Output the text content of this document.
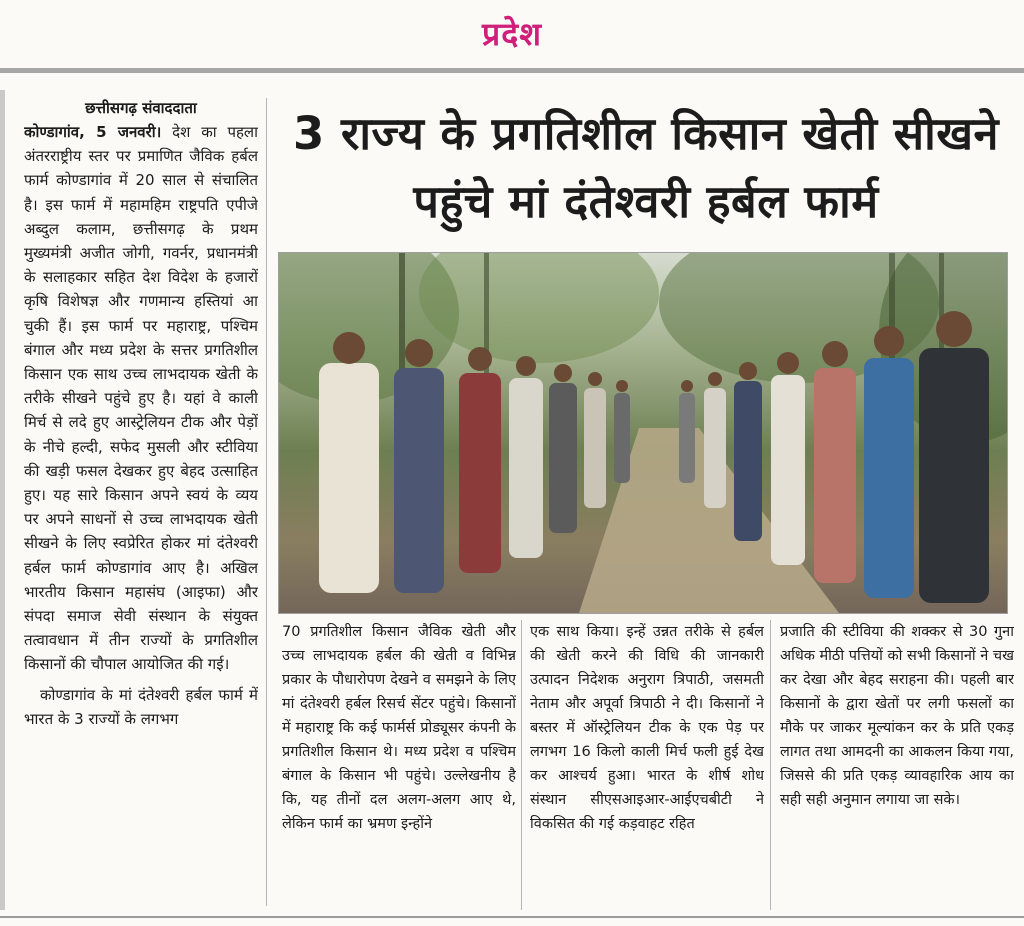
प्रदेश
छत्तीसगढ़ संवाददाता

कोण्डागांव, 5 जनवरी। देश का पहला अंतरराष्ट्रीय स्तर पर प्रमाणित जैविक हर्बल फार्म कोण्डागांव में 20 साल से संचालित है। इस फार्म में महामहिम राष्ट्रपति एपीजे अब्दुल कलाम, छत्तीसगढ़ के प्रथम मुख्यमंत्री अजीत जोगी, गवर्नर, प्रधानमंत्री के सलाहकार सहित देश विदेश के हजारों कृषि विशेषज्ञ और गणमान्य हस्तियां आ चुकी हैं। इस फार्म पर महाराष्ट्र, पश्चिम बंगाल और मध्य प्रदेश के सत्तर प्रगतिशील किसान एक साथ उच्च लाभदायक खेती के तरीके सीखने पहुंचे हुए है। यहां वे काली मिर्च से लदे हुए आस्ट्रेलियन टीक और पेड़ों के नीचे हल्दी, सफेद मुसली और स्टीविया की खड़ी फसल देखकर हुए बेहद उत्साहित हुए। यह सारे किसान अपने स्वयं के व्यय पर अपने साधनों से उच्च लाभदायक खेती सीखने के लिए स्वप्रेरित होकर मां दंतेश्वरी हर्बल फार्म कोण्डागांव आए है। अखिल भारतीय किसान महासंघ (आइफा) और संपदा समाज सेवी संस्थान के संयुक्त तत्वावधान में तीन राज्यों के प्रगतिशील किसानों की चौपाल आयोजित की गई।

कोण्डागांव के मां दंतेश्वरी हर्बल फार्म में भारत के 3 राज्यों के लगभग

3 राज्य के प्रगतिशील किसान खेती सीखने पहुंचे मां दंतेश्वरी हर्बल फार्म

70 प्रगतिशील किसान जैविक खेती और उच्च लाभदायक हर्बल की खेती व विभिन्न प्रकार के पौधारोपण देखने व समझने के लिए मां दंतेश्वरी हर्बल रिसर्च सेंटर पहुंचे। किसानों में महाराष्ट्र कि कई फार्मर्स प्रोड्यूसर कंपनी के प्रगतिशील किसान थे। मध्य प्रदेश व पश्चिम बंगाल के किसान भी पहुंचे। उल्लेखनीय है कि, यह तीनों दल अलग-अलग आए थे, लेकिन फार्म का भ्रमण इन्होंने

एक साथ किया। इन्हें उन्नत तरीके से हर्बल की खेती करने की विधि की जानकारी उत्पादन निदेशक अनुराग त्रिपाठी, जसमती नेताम और अपूर्वा त्रिपाठी ने दी। किसानों ने बस्तर में ऑस्ट्रेलियन टीक के एक पेड़ पर लगभग 16 किलो काली मिर्च फली हुई देख कर आश्चर्य हुआ। भारत के शीर्ष शोध संस्थान सीएसआइआर-आईएचबीटी ने विकसित की गई कड़वाहट रहित

प्रजाति की स्टीविया की शक्कर से 30 गुना अधिक मीठी पत्तियों को सभी किसानों ने चख कर देखा और बेहद सराहना की। पहली बार किसानों के द्वारा खेतों पर लगी फसलों का मौके पर जाकर मूल्यांकन कर के प्रति एकड़ लागत तथा आमदनी का आकलन किया गया, जिससे की प्रति एकड़ व्यावहारिक आय का सही सही अनुमान लगाया जा सके।
